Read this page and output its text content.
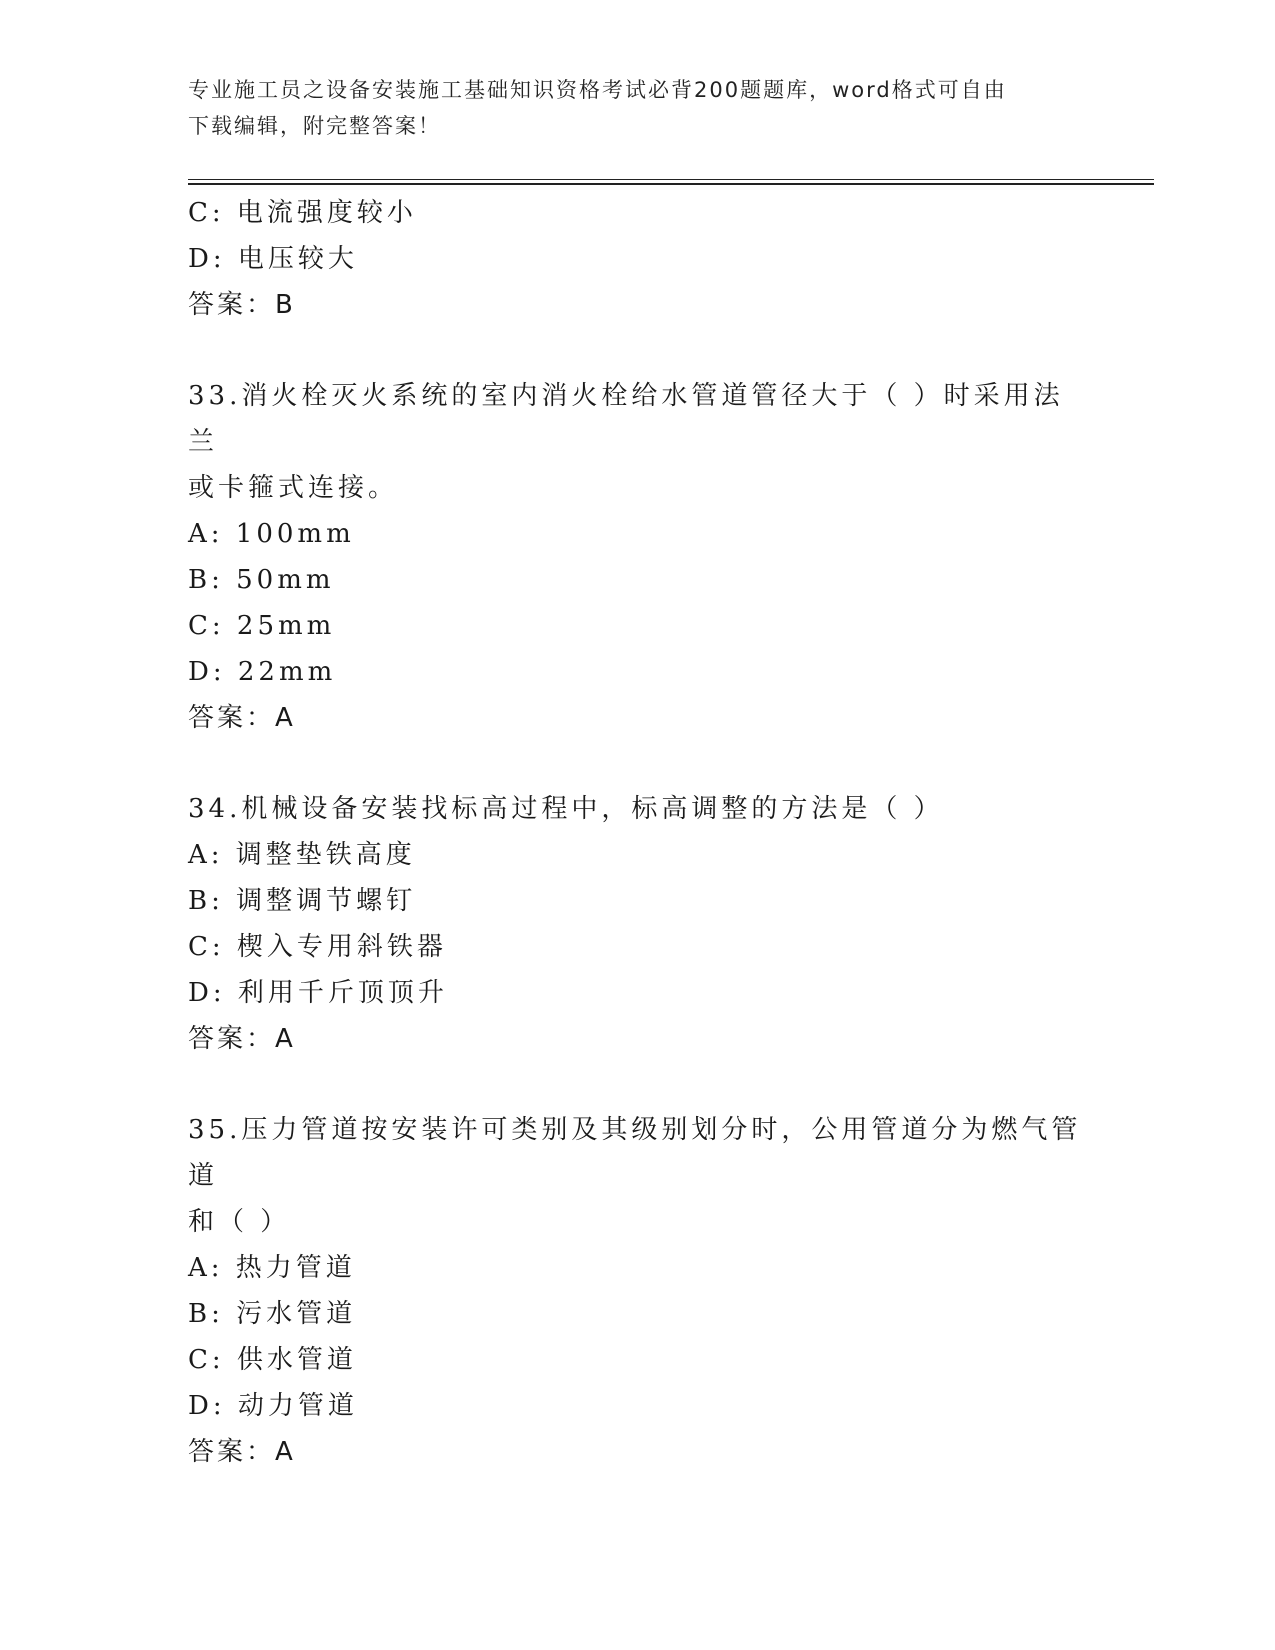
专业施工员之设备安装施工基础知识资格考试必背200题题库，word格式可自由
下载编辑，附完整答案！
C: 电流强度较小
D: 电压较大
答案：B
33.消火栓灭火系统的室内消火栓给水管道管径大于（ ）时采用法兰
或卡箍式连接。
A: 100mm
B: 50mm
C: 25mm
D: 22mm
答案：A
34.机械设备安装找标高过程中，标高调整的方法是（ ）
A: 调整垫铁高度
B: 调整调节螺钉
C: 楔入专用斜铁器
D: 利用千斤顶顶升
答案：A
35.压力管道按安装许可类别及其级别划分时，公用管道分为燃气管道
和（ ）
A: 热力管道
B: 污水管道
C: 供水管道
D: 动力管道
答案：A
